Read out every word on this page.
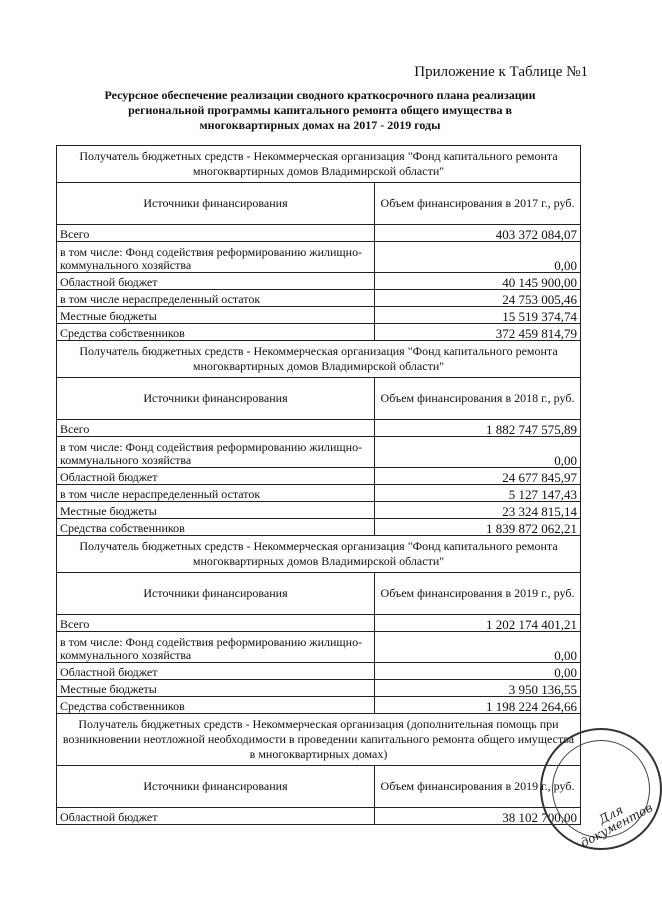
Приложение к Таблице №1
Ресурсное обеспечение реализации сводного краткосрочного плана реализации
региональной программы капитального ремонта общего имущества в
многоквартирных домах на 2017 - 2019 годы
Получатель бюджетных средств - Некоммерческая организация "Фонд капитального ремонта многоквартирных домов Владимирской области"	
Источники финансирования	Объем финансирования в 2017 г., руб.
Всего	403 372 084,07
в том числе: Фонд содействия реформированию жилищно-коммунального хозяйства	0,00
Областной бюджет	40 145 900,00
в том числе нераспределенный остаток	24 753 005,46
Местные бюджеты	15 519 374,74
Средства собственников	372 459 814,79
Получатель бюджетных средств - Некоммерческая организация "Фонд капитального ремонта многоквартирных домов Владимирской области"	
Источники финансирования	Объем финансирования в 2018 г., руб.
Всего	1 882 747 575,89
в том числе: Фонд содействия реформированию жилищно-коммунального хозяйства	0,00
Областной бюджет	24 677 845,97
в том числе нераспределенный остаток	5 127 147,43
Местные бюджеты	23 324 815,14
Средства собственников	1 839 872 062,21
Получатель бюджетных средств - Некоммерческая организация "Фонд капитального ремонта многоквартирных домов Владимирской области"	
Источники финансирования	Объем финансирования в 2019 г., руб.
Всего	1 202 174 401,21
в том числе: Фонд содействия реформированию жилищно-коммунального хозяйства	0,00
Областной бюджет	0,00
Местные бюджеты	3 950 136,55
Средства собственников	1 198 224 264,66
Получатель бюджетных средств - Некоммерческая организация (дополнительная помощь при возникновении неотложной необходимости в проведении капитального ремонта общего имущества в многоквартирных домах)	
Источники финансирования	Объем финансирования в 2019 г., руб.
Областной бюджет	38 102 700,00	Для документов
